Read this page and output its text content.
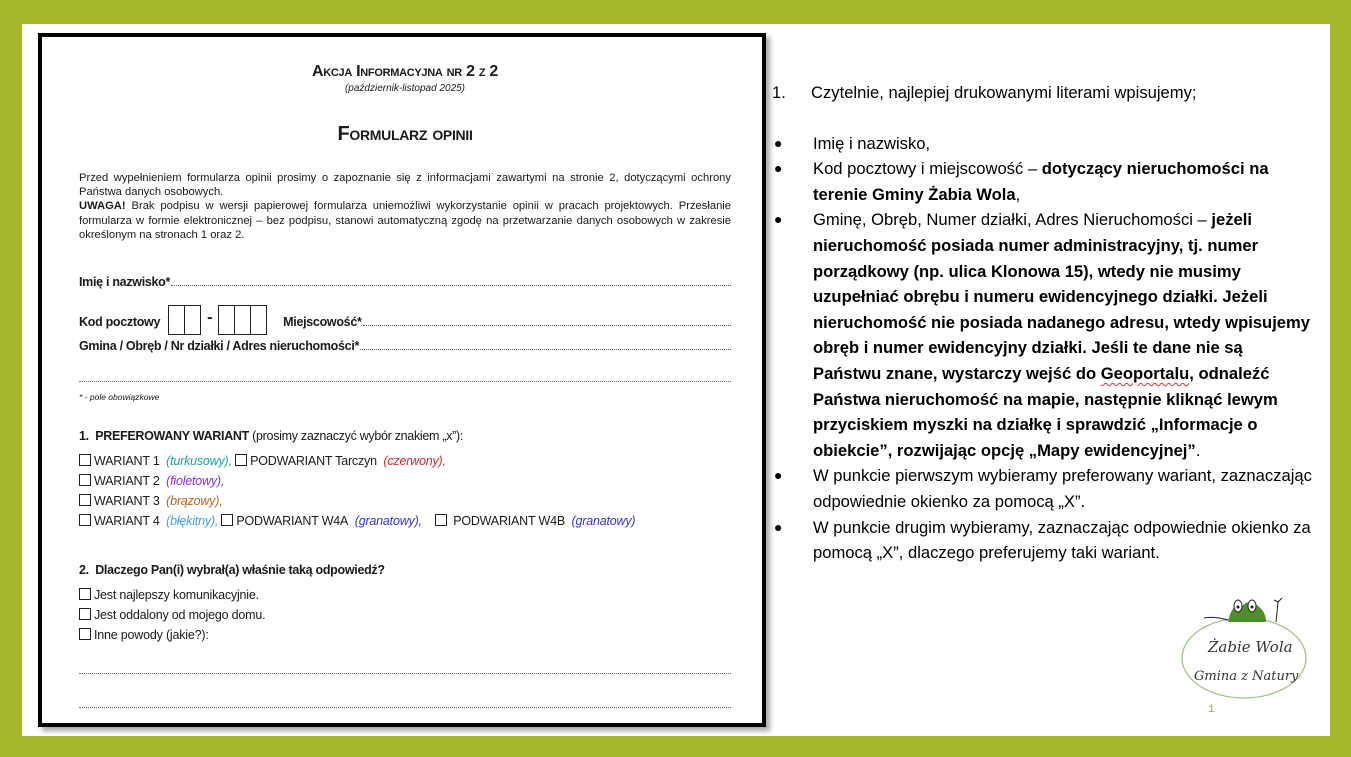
Akcja Informacyjna nr 2 z 2
(październik-listopad 2025)
Formularz opinii

Przed wypełnieniem formularza opinii prosimy o zapoznanie się z informacjami zawartymi na stronie 2, dotyczącymi ochrony Państwa danych osobowych.

UWAGA! Brak podpisu w wersji papierowej formularza uniemożliwi wykorzystanie opinii w pracach projektowych. Przesłanie formularza w formie elektronicznej – bez podpisu, stanowi automatyczną zgodę na przetwarzanie danych osobowych w zakresie określonym na stronach 1 oraz 2.

Imię i nazwisko*
Kod pocztowy	-	Miejscowość*
Gmina / Obręb / Nr działki / Adres nieruchomości*
* - pole obowiązkowe
1. PREFEROWANY WARIANT (prosimy zaznaczyć wybór znakiem „x”):
WARIANT 1 (turkusowy), PODWARIANT Tarczyn (czerwony),
WARIANT 2 (fioletowy),
WARIANT 3 (brązowy),
WARIANT 4 (błękitny), PODWARIANT W4A (granatowy),	PODWARIANT W4B (granatowy)
2. Dlaczego Pan(i) wybrał(a) właśnie taką odpowiedź?
Jest najlepszy komunikacyjnie.
Jest oddalony od mojego domu.
Inne powody (jakie?):
1.	Czytelnie, najlepiej drukowanymi literami wpisujemy;
●	Imię i nazwisko,
●	Kod pocztowy i miejscowość – dotyczący nieruchomości na terenie Gminy Żabia Wola,
●	Gminę, Obręb, Numer działki, Adres Nieruchomości – jeżeli nieruchomość posiada numer administracyjny, tj. numer porządkowy (np. ulica Klonowa 15), wtedy nie musimy uzupełniać obrębu i numeru ewidencyjnego działki. Jeżeli nieruchomość nie posiada nadanego adresu, wtedy wpisujemy obręb i numer ewidencyjny działki. Jeśli te dane nie są Państwu znane, wystarczy wejść do Geoportalu, odnaleźć Państwa nieruchomość na mapie, następnie kliknąć lewym przyciskiem myszki na działkę i sprawdzić „Informacje o obiekcie”, rozwijając opcję „Mapy ewidencyjnej”.
●	W punkcie pierwszym wybieramy preferowany wariant, zaznaczając odpowiednie okienko za pomocą „X”.
●	W punkcie drugim wybieramy, zaznaczając odpowiednie okienko za pomocą „X”, dlaczego preferujemy taki wariant.
Żabie Wola
Gmina z Natury
1
